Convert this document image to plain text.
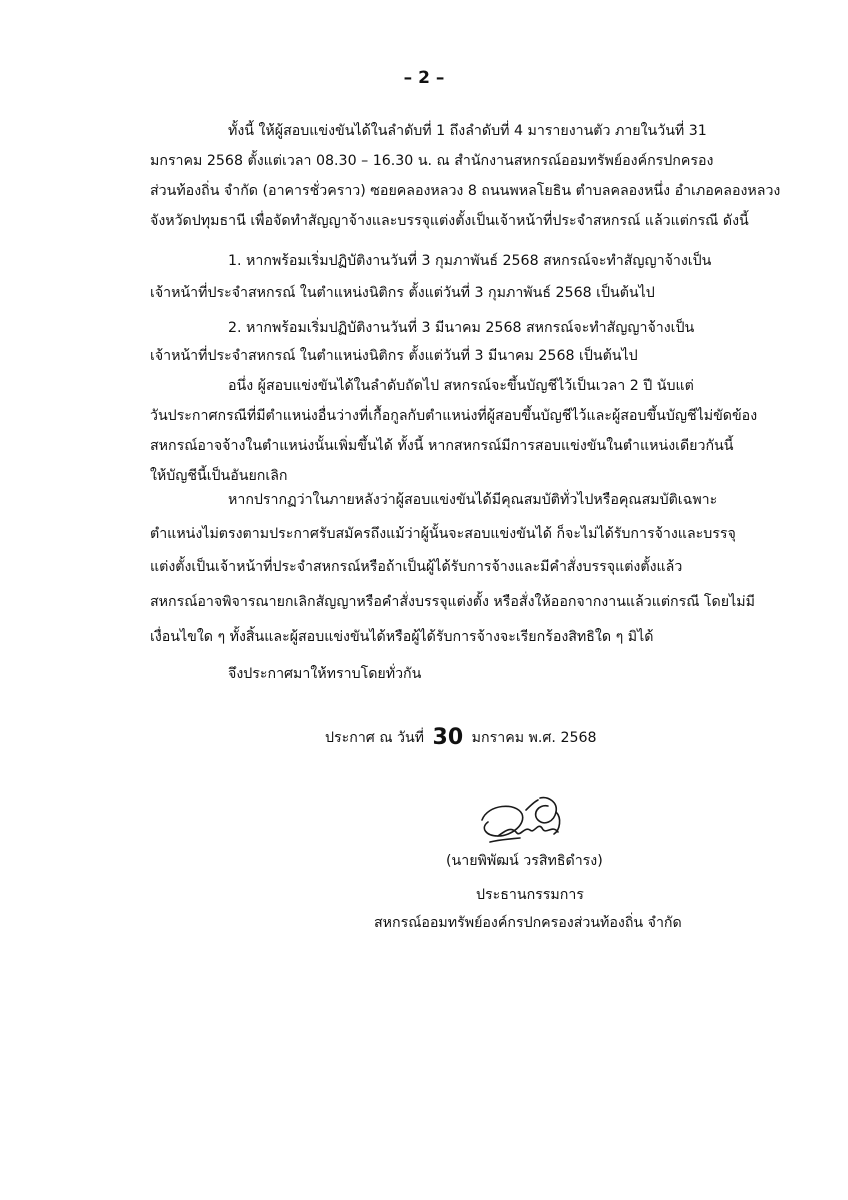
– 2 –
ทั้งนี้ ให้ผู้สอบแข่งขันได้ในลำดับที่ 1 ถึงลำดับที่ 4 มารายงานตัว ภายในวันที่ 31
มกราคม 2568 ตั้งแต่เวลา 08.30 – 16.30 น. ณ สำนักงานสหกรณ์ออมทรัพย์องค์กรปกครอง
ส่วนท้องถิ่น จำกัด (อาคารชั่วคราว) ซอยคลองหลวง 8 ถนนพหลโยธิน ตำบลคลองหนึ่ง อำเภอคลองหลวง
จังหวัดปทุมธานี เพื่อจัดทำสัญญาจ้างและบรรจุแต่งตั้งเป็นเจ้าหน้าที่ประจำสหกรณ์ แล้วแต่กรณี ดังนี้
1. หากพร้อมเริ่มปฏิบัติงานวันที่ 3 กุมภาพันธ์ 2568 สหกรณ์จะทำสัญญาจ้างเป็น
เจ้าหน้าที่ประจำสหกรณ์ ในตำแหน่งนิติกร ตั้งแต่วันที่ 3 กุมภาพันธ์ 2568 เป็นต้นไป
2. หากพร้อมเริ่มปฏิบัติงานวันที่ 3 มีนาคม 2568 สหกรณ์จะทำสัญญาจ้างเป็น
เจ้าหน้าที่ประจำสหกรณ์ ในตำแหน่งนิติกร ตั้งแต่วันที่ 3 มีนาคม 2568 เป็นต้นไป
อนึ่ง ผู้สอบแข่งขันได้ในลำดับถัดไป สหกรณ์จะขึ้นบัญชีไว้เป็นเวลา 2 ปี นับแต่
วันประกาศกรณีที่มีตำแหน่งอื่นว่างที่เกื้อกูลกับตำแหน่งที่ผู้สอบขึ้นบัญชีไว้และผู้สอบขึ้นบัญชีไม่ขัดข้อง
สหกรณ์อาจจ้างในตำแหน่งนั้นเพิ่มขึ้นได้ ทั้งนี้ หากสหกรณ์มีการสอบแข่งขันในตำแหน่งเดียวกันนี้
ให้บัญชีนี้เป็นอันยกเลิก
หากปรากฏว่าในภายหลังว่าผู้สอบแข่งขันได้มีคุณสมบัติทั่วไปหรือคุณสมบัติเฉพาะ
ตำแหน่งไม่ตรงตามประกาศรับสมัครถึงแม้ว่าผู้นั้นจะสอบแข่งขันได้ ก็จะไม่ได้รับการจ้างและบรรจุ
แต่งตั้งเป็นเจ้าหน้าที่ประจำสหกรณ์หรือถ้าเป็นผู้ได้รับการจ้างและมีคำสั่งบรรจุแต่งตั้งแล้ว
สหกรณ์อาจพิจารณายกเลิกสัญญาหรือคำสั่งบรรจุแต่งตั้ง หรือสั่งให้ออกจากงานแล้วแต่กรณี โดยไม่มี
เงื่อนไขใด ๆ ทั้งสิ้นและผู้สอบแข่งขันได้หรือผู้ได้รับการจ้างจะเรียกร้องสิทธิใด ๆ มิได้
จึงประกาศมาให้ทราบโดยทั่วกัน
ประกาศ ณ วันที่ 30 มกราคม พ.ศ. 2568
(นายพิพัฒน์ วรสิทธิดำรง)
ประธานกรรมการ
สหกรณ์ออมทรัพย์องค์กรปกครองส่วนท้องถิ่น จำกัด
